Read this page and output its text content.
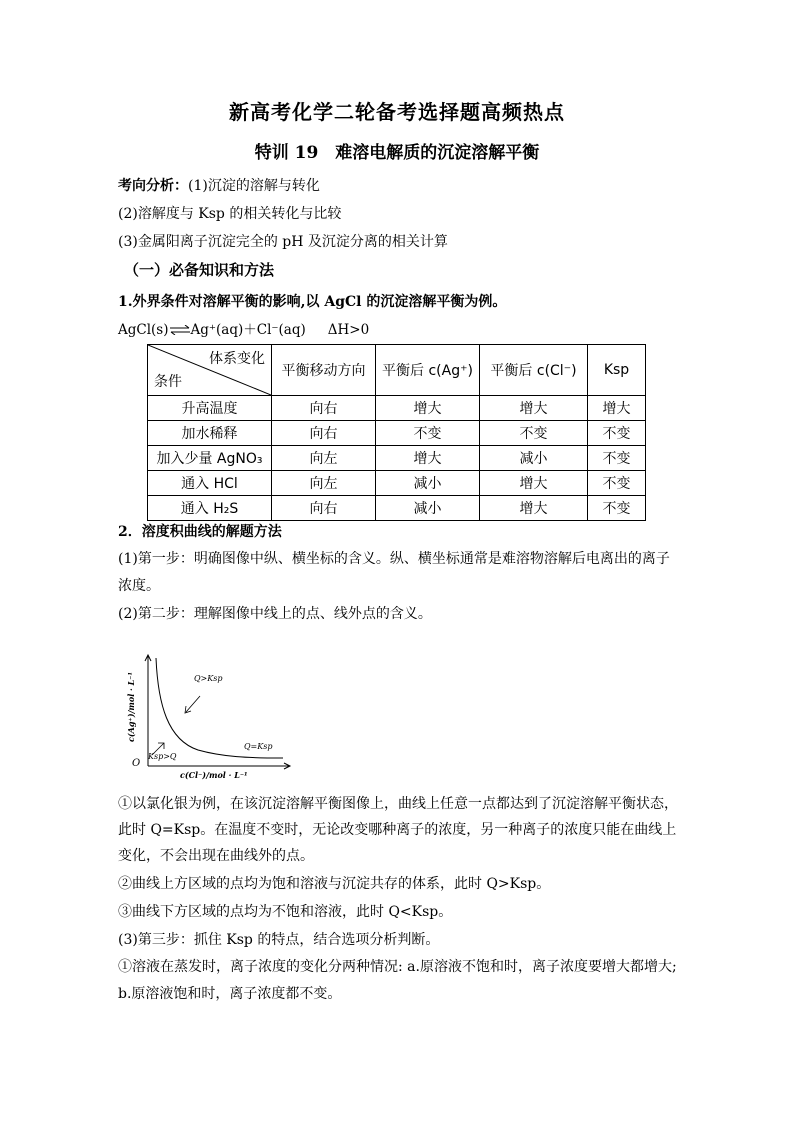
新高考化学二轮备考选择题高频热点
特训 19　难溶电解质的沉淀溶解平衡
考向分析：(1)沉淀的溶解与转化
(2)溶解度与 Ksp 的相关转化与比较
(3)金属阳离子沉淀完全的 pH 及沉淀分离的相关计算
（一）必备知识和方法
1.外界条件对溶解平衡的影响,以 AgCl 的沉淀溶解平衡为例。
AgCl(s)⇌Ag⁺(aq)＋Cl⁻(aq) ΔH>0
体系变化
条件	平衡移动方向	平衡后 c(Ag⁺)	平衡后 c(Cl⁻)	Ksp
升高温度	向右	增大	增大	增大
加水稀释	向右	不变	不变	不变
加入少量 AgNO₃	向左	增大	减小	不变
通入 HCl	向左	减小	增大	不变
通入 H₂S	向右	减小	增大	不变
2．溶度积曲线的解题方法
(1)第一步：明确图像中纵、横坐标的含义。纵、横坐标通常是难溶物溶解后电离出的离子
浓度。
(2)第二步：理解图像中线上的点、线外点的含义。
Q>Ksp
Ksp>Q
Q=Ksp
O
c(Cl⁻)/mol · L⁻¹
c(Ag⁺)/mol · L⁻¹
①以氯化银为例，在该沉淀溶解平衡图像上，曲线上任意一点都达到了沉淀溶解平衡状态，
此时 Q=Ksp。在温度不变时，无论改变哪种离子的浓度，另一种离子的浓度只能在曲线上
变化，不会出现在曲线外的点。
②曲线上方区域的点均为饱和溶液与沉淀共存的体系，此时 Q>Ksp。
③曲线下方区域的点均为不饱和溶液，此时 Q<Ksp。
(3)第三步：抓住 Ksp 的特点，结合选项分析判断。
①溶液在蒸发时，离子浓度的变化分两种情况: a.原溶液不饱和时，离子浓度要增大都增大;
b.原溶液饱和时，离子浓度都不变。
